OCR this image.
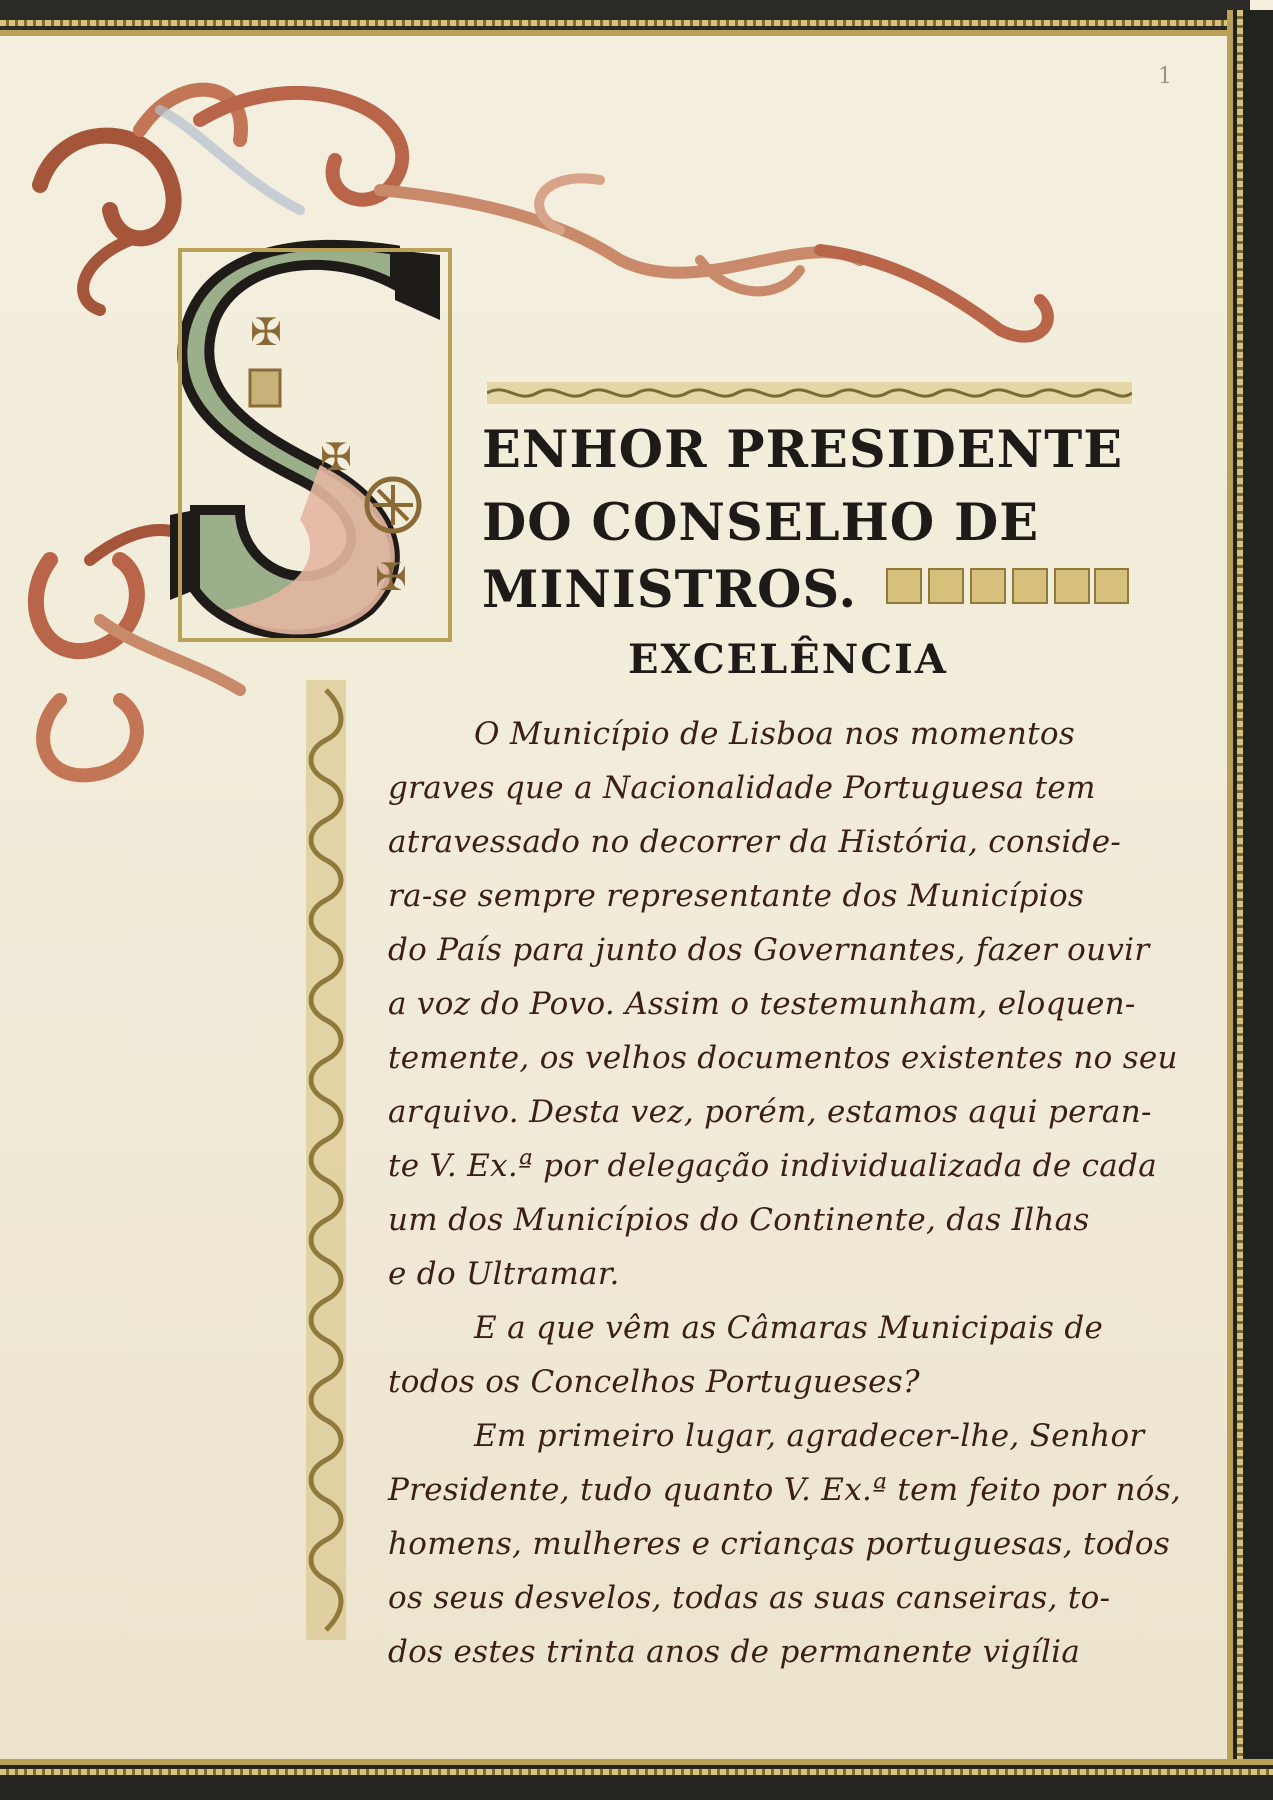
1
✠
✠
✠
ENHOR PRESIDENTE
DO CONSELHO DE
MINISTROS.
EXCELÊNCIA
O Município de Lisboa nos momentos
graves que a Nacionalidade Portuguesa tem
atravessado no decorrer da História, conside-
ra-se sempre representante dos Municípios
do País para junto dos Governantes, fazer ouvir
a voz do Povo. Assim o testemunham, eloquen-
temente, os velhos documentos existentes no seu
arquivo. Desta vez, porém, estamos aqui peran-
te V. Ex.ª por delegação individualizada de cada
um dos Municípios do Continente, das Ilhas
e do Ultramar.
E a que vêm as Câmaras Municipais de
todos os Concelhos Portugueses?
Em primeiro lugar, agradecer-lhe, Senhor
Presidente, tudo quanto V. Ex.ª tem feito por nós,
homens, mulheres e crianças portuguesas, todos
os seus desvelos, todas as suas canseiras, to-
dos estes trinta anos de permanente vigília
